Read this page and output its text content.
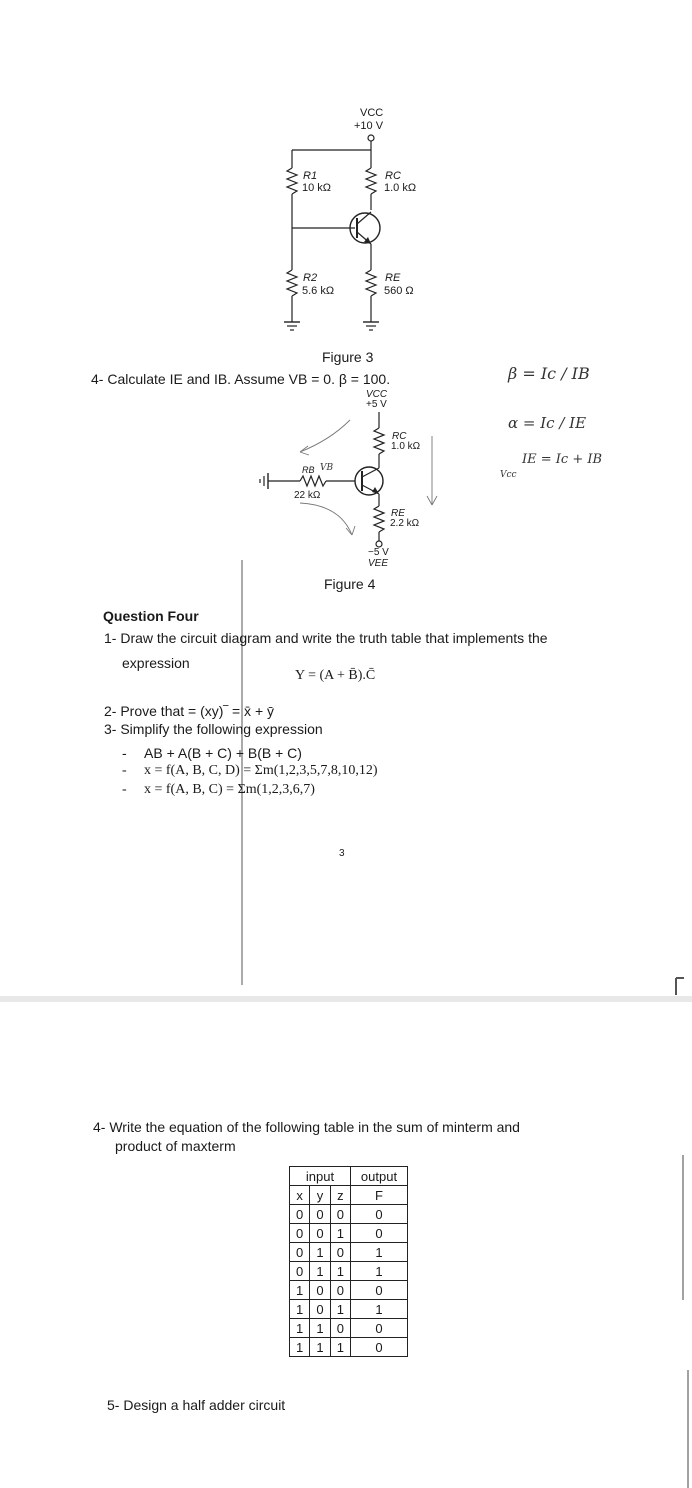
VCC
+10 V
R1
10 kΩ
RC
1.0 kΩ
R2
5.6 kΩ
RE
560 Ω
Figure 3
4- Calculate IE and IB. Assume VB = 0. β = 100.	β = Ic / IB
α = Ic / IE
IE = Ic + IB
Vcc
VCC
+5 V
RC
1.0 kΩ
RB VB
22 kΩ
RE
2.2 kΩ
−5 V
VEE
Figure 4
Question Four
1- Draw the circuit diagram and write the truth table that implements the
expression
Y = (A + B̄).C̄
2- Prove that = (xy)‾ = x̄ + ȳ
3- Simplify the following expression
- AB + A(B + C) + B(B + C)
- x = f(A, B, C, D) = Σm(1,2,3,5,7,8,10,12)
- x = f(A, B, C) = Σm(1,2,3,6,7)
3
4- Write the equation of the following table in the sum of minterm and
product of maxterm
input			output
x	y	z	F
0	0	0	0
0	0	1	0
0	1	0	1
0	1	1	1
1	0	0	0
1	0	1	1
1	1	0	0
1	1	1	0
5- Design a half adder circuit
